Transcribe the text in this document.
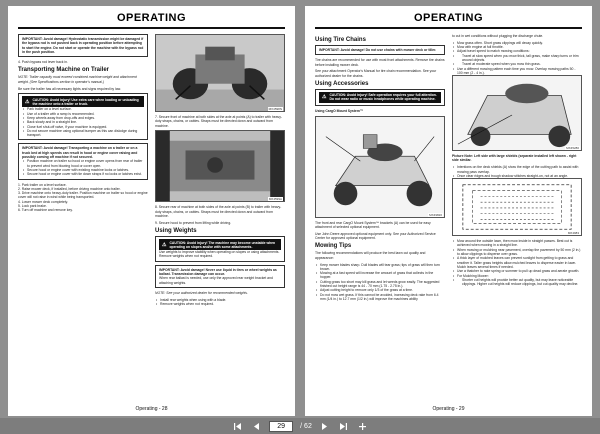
OPERATING
IMPORTANT: Avoid damage! Hydrostatic transmission might be damaged if the bypass rod is not pushed back in operating position before attempting to start the engine. Do not start or operate the machine with the bypass rod in the push position.
4. Push bypass rod lever back in.
Transporting Machine on Trailer
NOTE: Trailer capacity must exceed combined machine weight and attachment weight. (See Specifications section in operator's manual.)
Be sure the trailer has all necessary lights and signs required by law.
⚠ CAUTION: Avoid injury! Use extra care when loading or unloading the machine onto a trailer or truck.
• Park trailer on a level surface.
• Use of a trailer with a ramp is recommended.
• Keep wheels away from drop-offs and edges.
• Back slowly and in a straight line.
• Close fuel shut-off valve, if your machine is equipped.
• Do not secure machine using optional bumper as this can dislodge during transport.
IMPORTANT: Avoid damage! Transporting a machine on a trailer or on a truck bed at high speeds can result in hood or engine cover raising and possibly coming off machine if not secured.
• Position machine on trailer so hood or engine cover opens from rear of trailer to prevent wind from blowing hood or cover open.
• Secure hood or engine cover with existing machine locks or latches.
• Secure hood or engine cover with tie down straps if no locks or latches exist.
1. Park trailer on a level surface.
2. Raise mower deck, if installed, before driving machine onto trailer.
3. Drive machine onto heavy-duty trailer. Position machine on trailer so hood or engine cover will not raise in wind while being transported.
4. Lower mower deck completely.
5. Lock park brake.
6. Turn off machine and remove key.
MX4598N
7. Secure front of machine at both sides at the axle at points (A) to trailer with heavy-duty straps, chains, or cables. Straps must be directed down and outward from machine.
MX4599A
8. Secure rear of machine at both sides of the axle at points (B) to trailer with heavy-duty straps, chains, or cables. Straps must be directed down and outward from machine.
9. Secure hood to prevent from lifting while driving.
Using Weights
⚠ CAUTION: Avoid injury! The machine may become unstable when operating on slopes and/or with some attachments.
Use weights to improve stability when operating on slopes or using attachments.
Remove weights when not required.
IMPORTANT: Avoid damage! Never use liquid in tires or wheel weights as ballast. Transmission damage can occur.
When rear ballast is needed, use only the approved rear weight bracket and attaching weights.
NOTE: See your authorized dealer for recommended weights.
• Install rear weights when using with a blade.
• Remove weights when not required.
Operating - 28
OPERATING
Using Tire Chains
IMPORTANT: Avoid damage! Do not use chains with mower deck or tiller.
Tire chains are recommended for use with most front attachments. Remove tire chains before installing mower deck.
See your attachment Operator's Manual for tire chain recommendation. See your authorized dealer for the chains.
Using Accessories
⚠ CAUTION: Avoid injury! Safe operation requires your full attention. Do not wear radio or music headphones while operating machine.
Using CargO Mount System™
MX49820
The front and rear CargO Mount System™ brackets (A) can be used for easy attachment of selected optional equipment.
Use John Deere approved optional equipment only. See your Authorized Service Center for approved optional equipment.
Mowing Tips
The following recommendations will produce the best lawn cut quality and appearance:
• Keep mower blades sharp. Dull blades will tear grass; tips of grass will then turn brown.
• Mowing at a fast speed will increase the amount of grass that collects in the hopper.
• Cutting grass too short may kill grass and let weeds grow easily. The suggested finished cut height range is 44 - 70 mm (1.75 - 2.75 in.).
• Adjust cutting height to remove only 1/3 of the grass at a time.
• Do not mow wet grass. If this cannot be avoided, increasing deck rake from 6.4 mm (1/4 in.) to 12.7 mm (1/2 in.) will improve the machines ability
to cut in wet conditions without plugging the discharge chute.
• Mow grass often. Short grass clippings will decay quickly.
• Mow with engine at full throttle.
• Adjust travel speed to match mowing conditions:
• Travel at slow speed when you mow thick, tall grass, make sharp turns or trim around objects.
• Travel at moderate speed when you mow thin grass.
• Use a different mowing pattern each time you mow. Overlap mowing paths 50 - 100 mm (2 - 4 in.).
MX45280
Picture Note: Left side with large shields (separate installed left shown - right side similar.
• Intentions on the deck shields (A) show the edge of the cutting path to assist with mowing pass overlap.
• Once clear ridges and trough shadow stitches straight-on, not at an angle.
MX4983
• Mow around the outside lawn, then mow inside in straight passes. Best cut is achieved when mowing in a straight line.
• When mowing or mulching near pavement, overlap the pavement by 50 mm (2 in.) to allow clippings to disperse over grass.
• A thick layer of mulched leaves can prevent sunlight from getting to grass and smother it. Taller grass heights allow mulched leaves to disperse easier in lawn. Mulch leaves several times if needed.
• Use a thatcher to rake spring or summer to pull up dead grass and aerate growth.
• For Mulching Mower:
• Shorter cut heights will provide better cut quality, but may leave noticeable clippings. Higher cut heights will reduce clippings, but cut quality may decline.
Operating - 29
29	/ 62
